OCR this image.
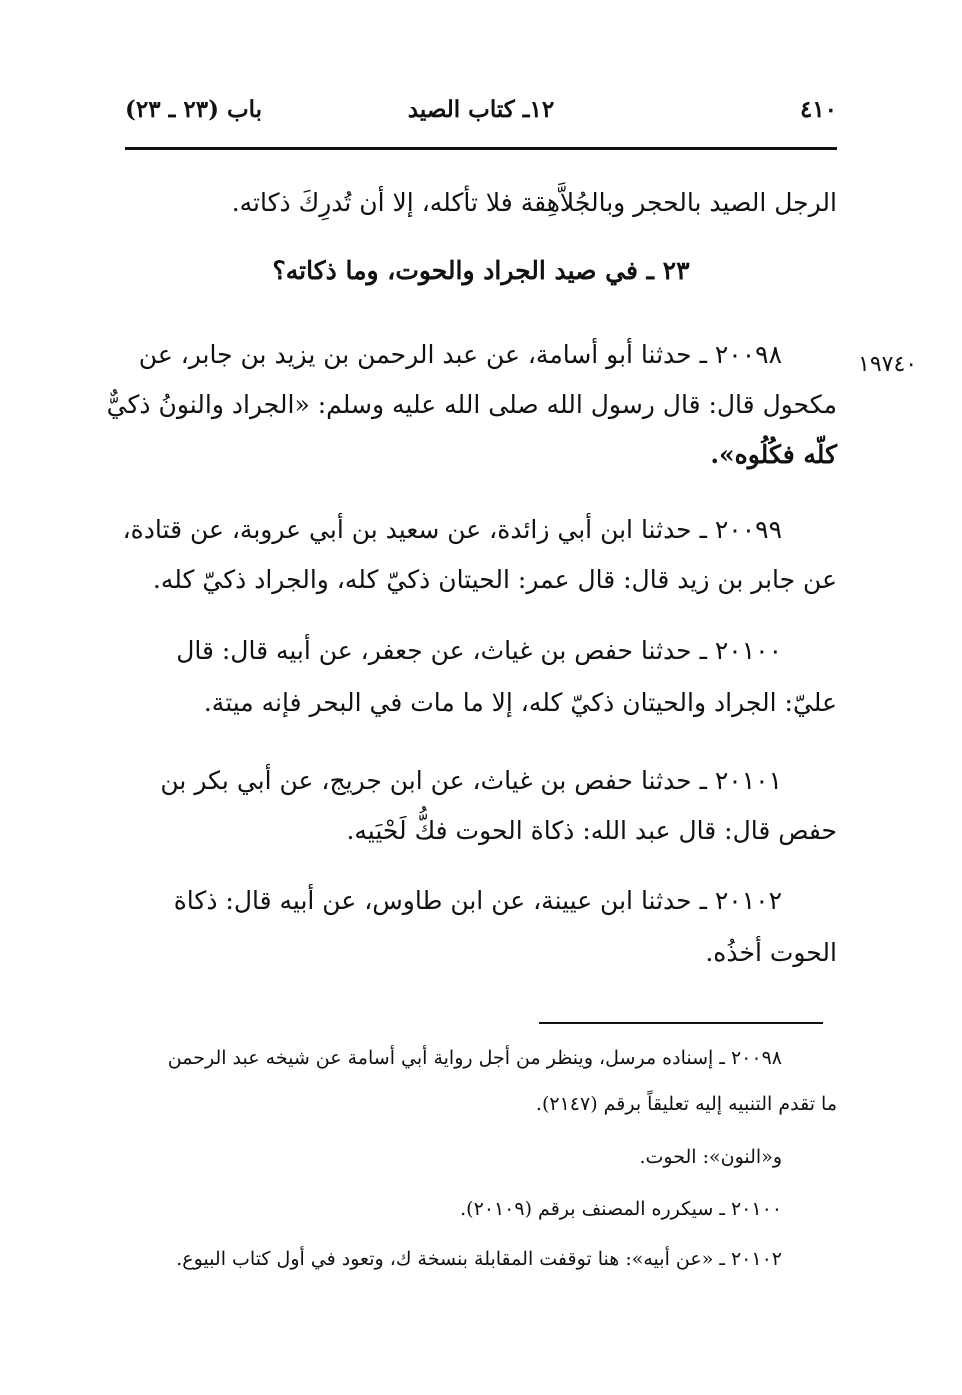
٤١٠
١٢ـ كتاب الصيد
باب (٢٣ ـ ٢٣)
الرجل الصيد بالحجر وبالجُلاَّهِقة فلا تأكله، إلا أن تُدرِكَ ذكاته.
٢٣ ـ في صيد الجراد والحوت، وما ذكاته؟
١٩٧٤٠
٢٠٠٩٨ ـ حدثنا أبو أسامة، عن عبد الرحمن بن يزيد بن جابر، عن
مكحول قال: قال رسول الله صلى الله عليه وسلم: «الجراد والنونُ ذكيٌّ
كلّه فكُلُوه».
٢٠٠٩٩ ـ حدثنا ابن أبي زائدة، عن سعيد بن أبي عروبة، عن قتادة،
عن جابر بن زيد قال: قال عمر: الحيتان ذكيّ كله، والجراد ذكيّ كله.
٢٠١٠٠ ـ حدثنا حفص بن غياث، عن جعفر، عن أبيه قال: قال
عليّ: الجراد والحيتان ذكيّ كله، إلا ما مات في البحر فإنه ميتة.
٢٠١٠١ ـ حدثنا حفص بن غياث، عن ابن جريج، عن أبي بكر بن
حفص قال: قال عبد الله: ذكاة الحوت فكُّ لَحْيَيه.
٢٠١٠٢ ـ حدثنا ابن عيينة، عن ابن طاوس، عن أبيه قال: ذكاة
الحوت أخذُه.
٢٠٠٩٨ ـ إسناده مرسل، وينظر من أجل رواية أبي أسامة عن شيخه عبد الرحمن
ما تقدم التنبيه إليه تعليقاً برقم (٢١٤٧).
و«النون»: الحوت.
٢٠١٠٠ ـ سيكرره المصنف برقم (٢٠١٠٩).
٢٠١٠٢ ـ «عن أبيه»: هنا توقفت المقابلة بنسخة ك، وتعود في أول كتاب البيوع.
